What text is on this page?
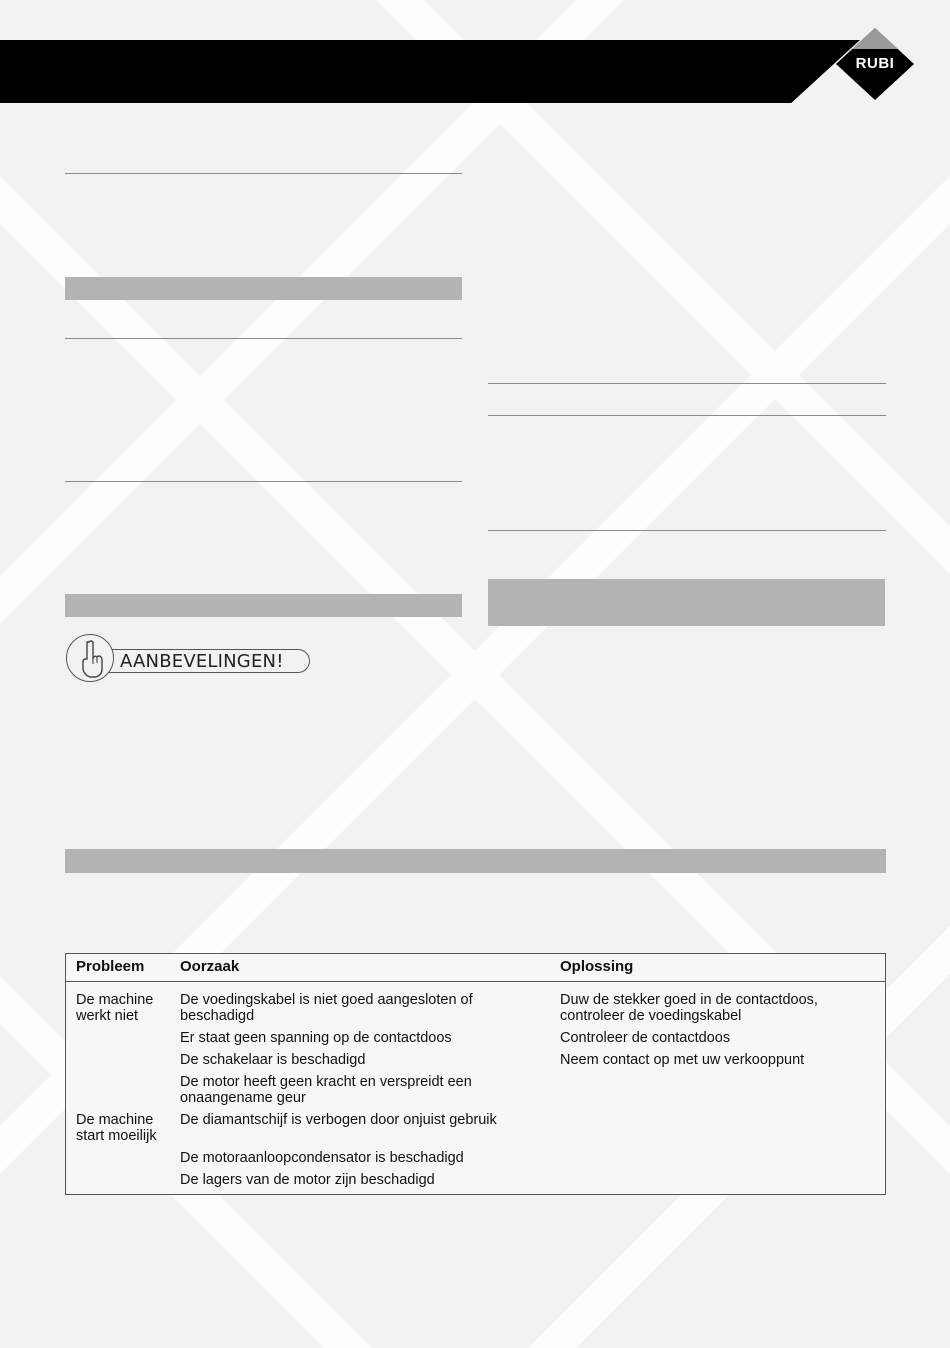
RUBI
AANBEVELINGEN!
Probleem	Oorzaak	Oplossing
De machine werkt niet	De voedingskabel is niet goed aangesloten of beschadigd	Duw de stekker goed in de contactdoos, controleer de voedingskabel
	Er staat geen spanning op de contactdoos	Controleer de contactdoos
	De schakelaar is beschadigd	Neem contact op met uw verkooppunt
	De motor heeft geen kracht en verspreidt een onaangename geur	
De machine start moeilijk	De diamantschijf is verbogen door onjuist gebruik	
	De motoraanloopcondensator is beschadigd	
	De lagers van de motor zijn beschadigd	
